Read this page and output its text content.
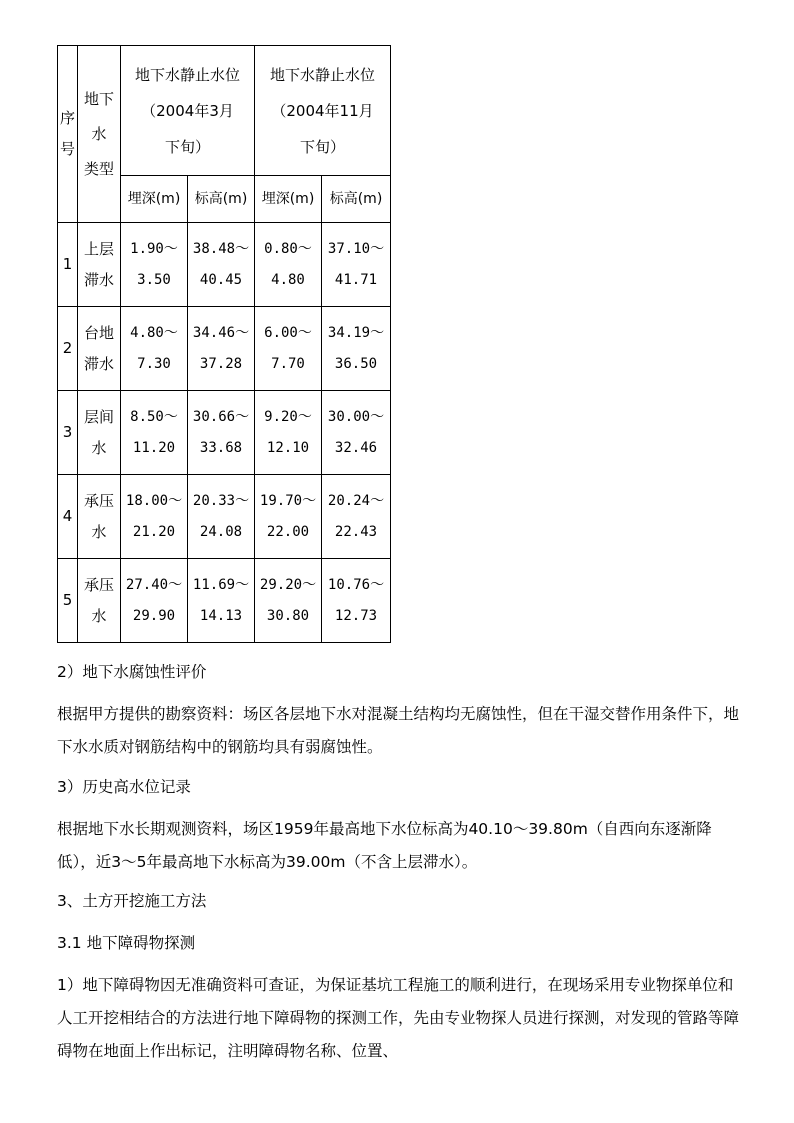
序
号	地下
水
类型	地下水静止水位
（2004年3月
下旬）		地下水静止水位
（2004年11月
下旬）	

		埋深(m)	标高(m)	埋深(m)	标高(m)

1	上层
滞水	1.90～
3.50	38.48～
40.45	0.80～
4.80	37.10～
41.71

2	台地
滞水	4.80～
7.30	34.46～
37.28	6.00～
7.70	34.19～
36.50

3	层间
水	8.50～
11.20	30.66～
33.68	9.20～
12.10	30.00～
32.46

4	承压
水	18.00～
21.20	20.33～
24.08	19.70～
22.00	20.24～
22.43

5	承压
水	27.40～
29.90	11.69～
14.13	29.20～
30.80	10.76～
12.73

2）地下水腐蚀性评价

根据甲方提供的勘察资料：场区各层地下水对混凝土结构均无腐蚀性，但在干湿交替作用条件下，地下水水质对钢筋结构中的钢筋均具有弱腐蚀性。

3）历史高水位记录

根据地下水长期观测资料，场区1959年最高地下水位标高为40.10～39.80m（自西向东逐渐降低），近3～5年最高地下水标高为39.00m（不含上层滞水）。

3、土方开挖施工方法

3.1 地下障碍物探测

1）地下障碍物因无准确资料可查证，为保证基坑工程施工的顺利进行，在现场采用专业物探单位和人工开挖相结合的方法进行地下障碍物的探测工作，先由专业物探人员进行探测，对发现的管路等障碍物在地面上作出标记，注明障碍物名称、位置、
